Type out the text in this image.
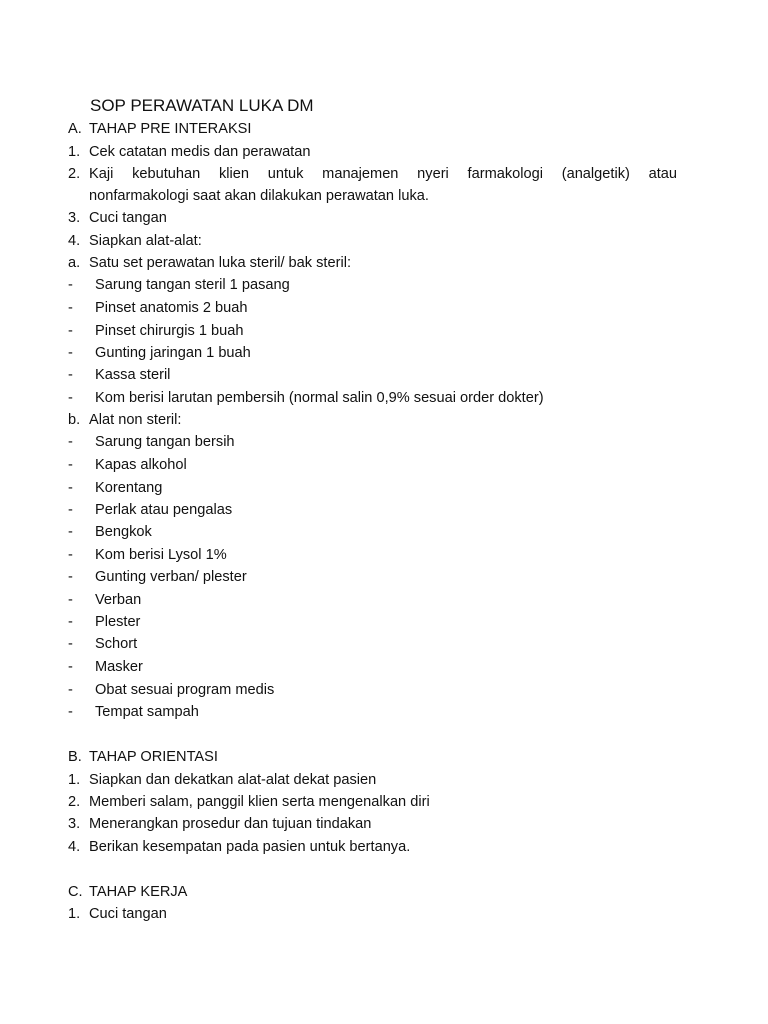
SOP PERAWATAN LUKA DM
A. TAHAP PRE INTERAKSI
1. Cek catatan medis dan perawatan
2. Kaji kebutuhan klien untuk manajemen nyeri farmakologi (analgetik) atau
nonfarmakologi saat akan dilakukan perawatan luka.
3. Cuci tangan
4. Siapkan alat-alat:
a. Satu set perawatan luka steril/ bak steril:
- Sarung tangan steril 1 pasang
- Pinset anatomis 2 buah
- Pinset chirurgis 1 buah
- Gunting jaringan 1 buah
- Kassa steril
- Kom berisi larutan pembersih (normal salin 0,9% sesuai order dokter)
b. Alat non steril:
- Sarung tangan bersih
- Kapas alkohol
- Korentang
- Perlak atau pengalas
- Bengkok
- Kom berisi Lysol 1%
- Gunting verban/ plester
- Verban
- Plester
- Schort
- Masker
- Obat sesuai program medis
- Tempat sampah
B. TAHAP ORIENTASI
1. Siapkan dan dekatkan alat-alat dekat pasien
2. Memberi salam, panggil klien serta mengenalkan diri
3. Menerangkan prosedur dan tujuan tindakan
4. Berikan kesempatan pada pasien untuk bertanya.
C. TAHAP KERJA
1. Cuci tangan
